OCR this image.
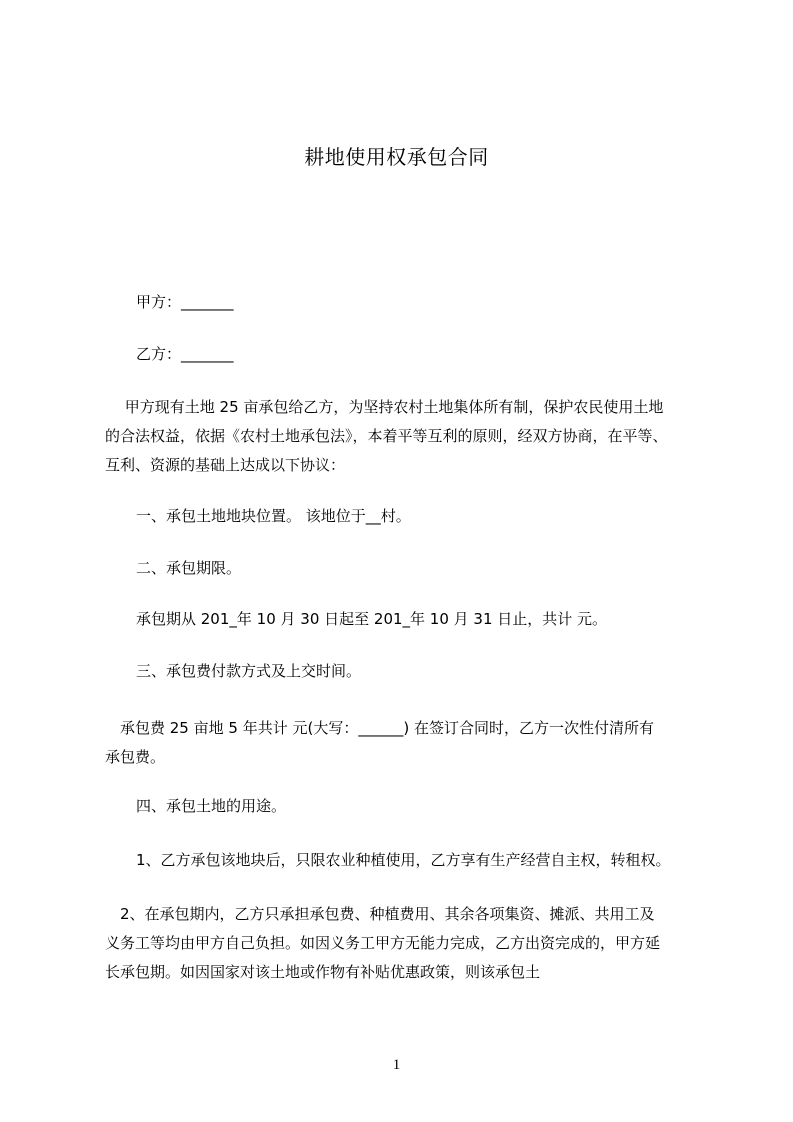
耕地使用权承包合同
甲方：_______
乙方：_______
　 甲方现有土地 25 亩承包给乙方，为坚持农村土地集体所有制，保护农民使用土地
的合法权益，依据《农村土地承包法》，本着平等互利的原则，经双方协商，在平等、
互利、资源的基础上达成以下协议：
一、承包土地地块位置。 该地位于__村。
二、承包期限。
承包期从 201_年 10 月 30 日起至 201_年 10 月 31 日止，共计 元。
三、承包费付款方式及上交时间。
　承包费 25 亩地 5 年共计 元(大写：______) 在签订合同时，乙方一次性付清所有
承包费。
四、承包土地的用途。
1、乙方承包该地块后，只限农业种植使用，乙方享有生产经营自主权，转租权。
　2、在承包期内，乙方只承担承包费、种植费用、其余各项集资、摊派、共用工及
义务工等均由甲方自己负担。如因义务工甲方无能力完成，乙方出资完成的，甲方延
长承包期。如因国家对该土地或作物有补贴优惠政策，则该承包土
1
